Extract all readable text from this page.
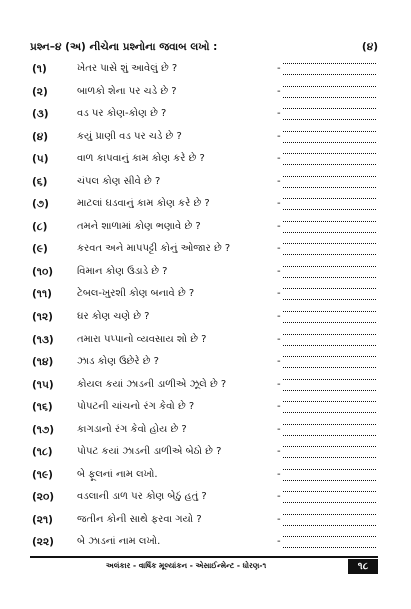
પ્રશ્ન–૪ (અ) નીચેના પ્રશ્નોના જવાબ લખો :	(૪)
(૧)	ખેતર પાસે શું આવેલું છે ?	-
(૨)	બાળકો શેના પર ચડે છે ?	-
(૩)	વડ પર કોણ-કોણ છે ?	-
(૪)	કયું પ્રાણી વડ પર ચડે છે ?	-
(૫)	વાળ કાપવાનું કામ કોણ કરે છે ?	-
(૬)	ચંપલ કોણ સીવે છે ?	-
(૭)	માટલાં ઘડવાનું કામ કોણ કરે છે ?	-
(૮)	તમને શાળામાં કોણ ભણાવે છે ?	-
(૯)	કરવત અને માપપટ્ટી કોનું ઓજાર છે ?	-
(૧૦) વિમાન કોણ ઉડાડે છે ?	-
(૧૧)	ટેબલ-ખુરશી કોણ બનાવે છે ?	-
(૧૨) ઘર કોણ ચણે છે ?	-
(૧૩) તમારા પપ્પાનો વ્યવસાય શો છે ?	-
(૧૪) ઝાડ કોણ ઉછેરે છે ?	-
(૧૫) કોયલ કયાં ઝાડની ડાળીએ ઝૂલે છે ?	-
(૧૬) પોપટની ચાંચનો રંગ કેવો છે ?	-
(૧૭) કાગડાનો રંગ કેવો હોય છે ?	-
(૧૮) પોપટ કયાં ઝાડની ડાળીએ બેઠો છે ?	-
(૧૯) બે ફૂલનાં નામ લખો.	-
(૨૦) વડલાની ડાળ પર કોણ બેઠું હતું ?	-
(૨૧) જતીન કોની સાથે ફરવા ગયો ?	-
(૨૨) બે ઝાડનાં નામ લખો.	-
અલંકાર - વાર્ષિક મૂલ્યાંકન - એસાઈન્મેન્ટ - ધોરણ-૧	૧૮
